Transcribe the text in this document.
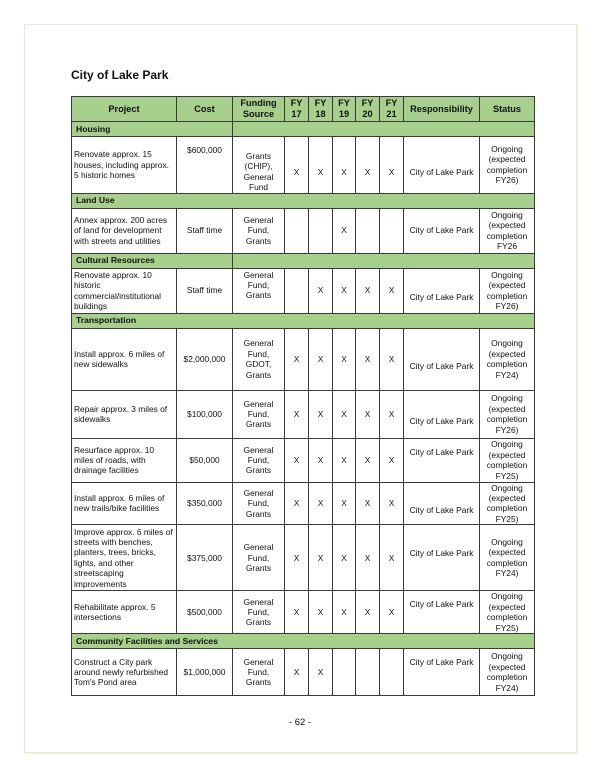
City of Lake Park
Project	Cost	Funding Source	FY 17	FY 18	FY 19	FY 20	FY 21	Responsibility	Status
Housing									
Renovate approx. 15 houses, including approx. 5 historic homes	$600,000	Grants (CHIP), General Fund	X	X	X	X	X	City of Lake Park	Ongoing (expected completion FY26)
Land Use									
Annex approx. 200 acres of land for development with streets and utilities	Staff time	General Fund, Grants			X			City of Lake Park	Ongoing (expected completion FY26
Cultural Resources									
Renovate approx. 10 historic commercial/institutional buildings	Staff time	General Fund, Grants		X	X	X	X	City of Lake Park	Ongoing (expected completion FY26)
Transportation									
Install approx. 6 miles of new sidewalks	$2,000,000	General Fund, GDOT, Grants	X	X	X	X	X	City of Lake Park	Ongoing (expected completion FY24)
Repair approx. 3 miles of sidewalks	$100,000	General Fund, Grants	X	X	X	X	X	City of Lake Park	Ongoing (expected completion FY26)
Resurface approx. 10 miles of roads, with drainage facilities	$50,000	General Fund, Grants	X	X	X	X	X	City of Lake Park	Ongoing (expected completion FY25)
Install approx. 6 miles of new trails/bike facilities	$350,000	General Fund, Grants	X	X	X	X	X	City of Lake Park	Ongoing (expected completion FY25)
Improve approx. 6 miles of streets with benches, planters, trees, bricks, lights, and other streetscaping improvements	$375,000	General Fund, Grants	X	X	X	X	X	City of Lake Park	Ongoing (expected completion FY24)
Rehabilitate approx. 5 intersections	$500,000	General Fund, Grants	X	X	X	X	X	City of Lake Park	Ongoing (expected completion FY25)
Community Facilities and Services									
Construct a City park around newly refurbished Tom's Pond area	$1,000,000	General Fund, Grants	X	X				City of Lake Park	Ongoing (expected completion FY24)
- 62 -
